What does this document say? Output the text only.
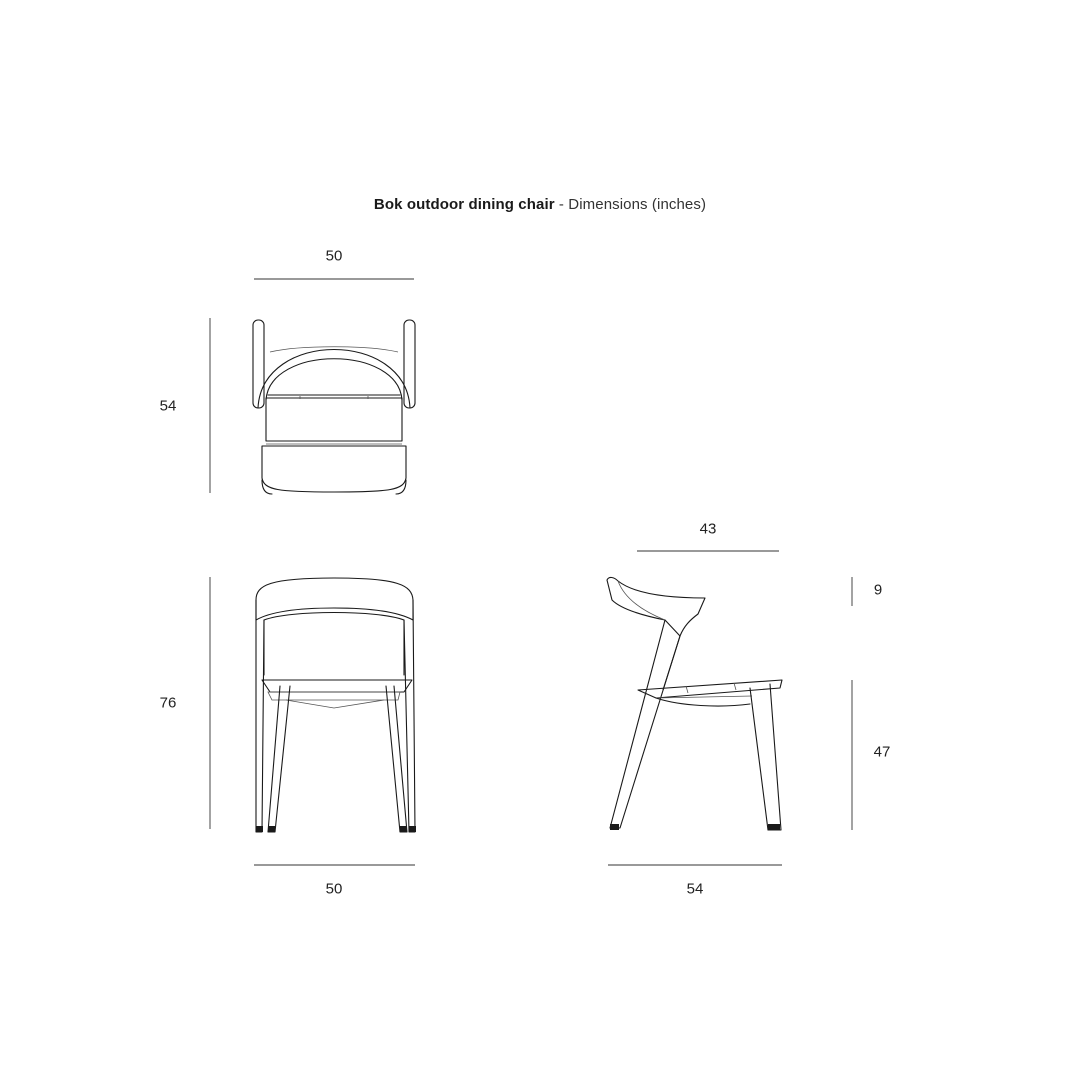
Bok outdoor dining chair - Dimensions (inches)
50
54
76
50
43
9
47
54
